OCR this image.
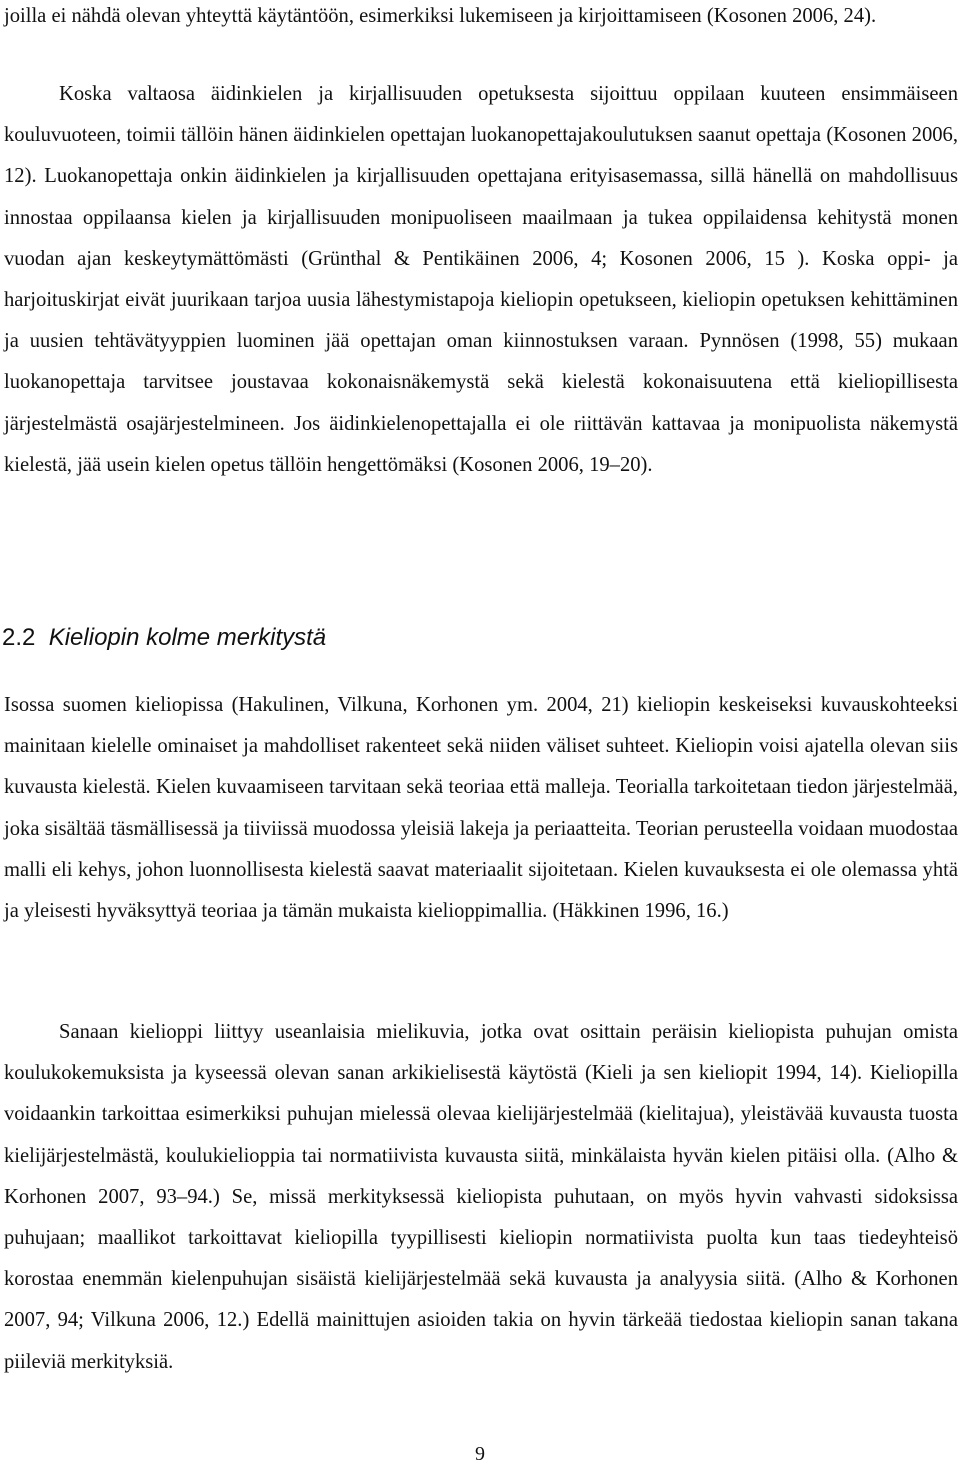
joilla ei nähdä olevan yhteyttä käytäntöön, esimerkiksi lukemiseen ja kirjoittamiseen (Kosonen 2006, 24).

Koska valtaosa äidinkielen ja kirjallisuuden opetuksesta sijoittuu oppilaan kuuteen ensimmäiseen kouluvuoteen, toimii tällöin hänen äidinkielen opettajan luokanopettajakoulutuksen saanut opettaja (Kosonen 2006, 12). Luokanopettaja onkin äidinkielen ja kirjallisuuden opettajana erityisasemassa, sillä hänellä on mahdollisuus innostaa oppilaansa kielen ja kirjallisuuden monipuoliseen maailmaan ja tukea oppilaidensa kehitystä monen vuodan ajan keskeytymättömästi (Grünthal & Pentikäinen 2006, 4; Kosonen 2006, 15 ). Koska oppi- ja harjoituskirjat eivät juurikaan tarjoa uusia lähestymistapoja kieliopin opetukseen, kieliopin opetuksen kehittäminen ja uusien tehtävätyyppien luominen jää opettajan oman kiinnostuksen varaan. Pynnösen (1998, 55) mukaan luokanopettaja tarvitsee joustavaa kokonaisnäkemystä sekä kielestä kokonaisuutena että kieliopillisesta järjestelmästä osajärjestelmineen. Jos äidinkielenopettajalla ei ole riittävän kattavaa ja monipuolista näkemystä kielestä, jää usein kielen opetus tällöin hengettömäksi (Kosonen 2006, 19–20).

2.2 Kieliopin kolme merkitystä

Isossa suomen kieliopissa (Hakulinen, Vilkuna, Korhonen ym. 2004, 21) kieliopin keskeiseksi kuvauskohteeksi mainitaan kielelle ominaiset ja mahdolliset rakenteet sekä niiden väliset suhteet. Kieliopin voisi ajatella olevan siis kuvausta kielestä. Kielen kuvaamiseen tarvitaan sekä teoriaa että malleja. Teorialla tarkoitetaan tiedon järjestelmää, joka sisältää täsmällisessä ja tiiviissä muodossa yleisiä lakeja ja periaatteita. Teorian perusteella voidaan muodostaa malli eli kehys, johon luonnollisesta kielestä saavat materiaalit sijoitetaan. Kielen kuvauksesta ei ole olemassa yhtä ja yleisesti hyväksyttyä teoriaa ja tämän mukaista kielioppimallia. (Häkkinen 1996, 16.)

Sanaan kielioppi liittyy useanlaisia mielikuvia, jotka ovat osittain peräisin kieliopista puhujan omista koulukokemuksista ja kyseessä olevan sanan arkikielisestä käytöstä (Kieli ja sen kieliopit 1994, 14). Kieliopilla voidaankin tarkoittaa esimerkiksi puhujan mielessä olevaa kielijärjestelmää (kielitajua), yleistävää kuvausta tuosta kielijärjestelmästä, koulukielioppia tai normatiivista kuvausta siitä, minkälaista hyvän kielen pitäisi olla. (Alho & Korhonen 2007, 93–94.) Se, missä merkityksessä kieliopista puhutaan, on myös hyvin vahvasti sidoksissa puhujaan; maallikot tarkoittavat kieliopilla tyypillisesti kieliopin normatiivista puolta kun taas tiedeyhteisö korostaa enemmän kielenpuhujan sisäistä kielijärjestelmää sekä kuvausta ja analyysia siitä. (Alho & Korhonen 2007, 94; Vilkuna 2006, 12.) Edellä mainittujen asioiden takia on hyvin tärkeää tiedostaa kieliopin sanan takana piileviä merkityksiä.

9
